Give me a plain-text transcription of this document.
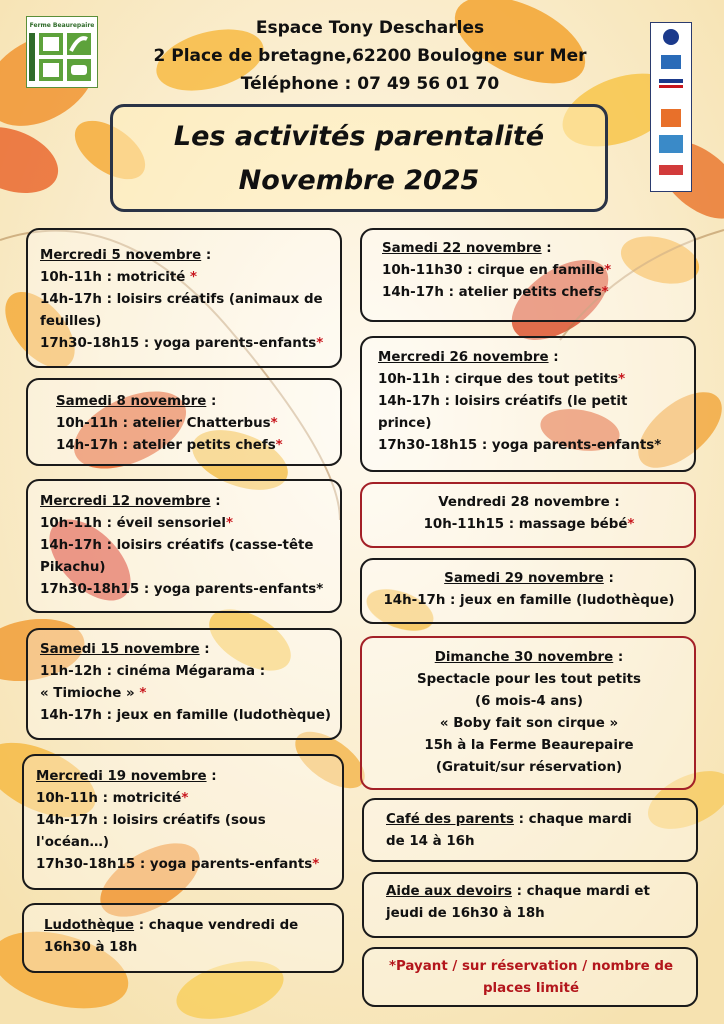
Ferme Beaurepaire	Espace Tony Descharles
2 Place de bretagne,62200 Boulogne sur Mer
Téléphone : 07 49 56 01 70
Les activités parentalité
Novembre 2025
Mercredi 5 novembre :
10h-11h : motricité *
14h-17h : loisirs créatifs (animaux de
feuilles)
17h30-18h15 : yoga parents-enfants*
Samedi 8 novembre :
10h-11h : atelier Chatterbus*
14h-17h : atelier petits chefs*
Mercredi 12 novembre :
10h-11h : éveil sensoriel*
14h-17h : loisirs créatifs (casse-tête
Pikachu)
17h30-18h15 : yoga parents-enfants*
Samedi 15 novembre :
11h-12h : cinéma Mégarama :
« Timioche » *
14h-17h : jeux en famille (ludothèque)
Mercredi 19 novembre :
10h-11h : motricité*
14h-17h : loisirs créatifs (sous
l'océan…)
17h30-18h15 : yoga parents-enfants*
Ludothèque : chaque vendredi de
16h30 à 18h
Samedi 22 novembre :
10h-11h30 : cirque en famille*
14h-17h : atelier petits chefs*
Mercredi 26 novembre :
10h-11h : cirque des tout petits*
14h-17h : loisirs créatifs (le petit
prince)
17h30-18h15 : yoga parents-enfants*
Vendredi 28 novembre :
10h-11h15 : massage bébé*
Samedi 29 novembre :
14h-17h : jeux en famille (ludothèque)
Dimanche 30 novembre :
Spectacle pour les tout petits
(6 mois-4 ans)
« Boby fait son cirque »
15h à la Ferme Beaurepaire
(Gratuit/sur réservation)
Café des parents : chaque mardi
de 14 à 16h
Aide aux devoirs : chaque mardi et
jeudi de 16h30 à 18h
*Payant / sur réservation / nombre de
places limité
